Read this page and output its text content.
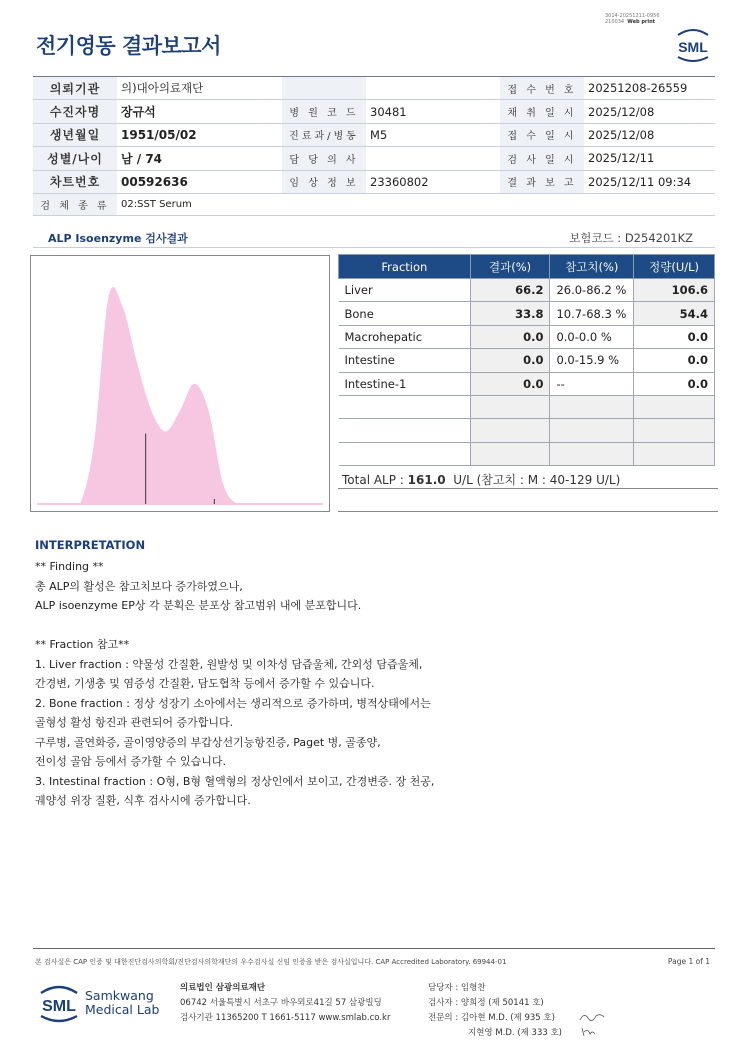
전기영동 결과보고서
3014-20251211-0956
210034 Web print
SML
의뢰기관	의)대아의료재단			접 수 번 호	20251208-26559
수진자명	장규석	병 원 코 드	30481	채 취 일 시	2025/12/08
생년월일	1951/05/02	진료과/병동	M5	접 수 일 시	2025/12/08
성별/나이	남 / 74	담 당 의 사		검 사 일 시	2025/12/11
차트번호	00592636	임 상 정 보	23360802	결 과 보 고	2025/12/11 09:34
검 체 종 류	02:SST Serum				
ALP Isoenzyme 검사결과	보험코드 : D254201KZ
Fraction	결과(%)	참고치(%)	정량(U/L)
Liver	66.2	26.0-86.2 %	106.6
Bone	33.8	10.7-68.3 %	54.4
Macrohepatic	0.0	0.0-0.0 %	0.0
Intestine	0.0	0.0-15.9 %	0.0
Intestine-1	0.0	--	0.0

Total ALP : 161.0 U/L (참고치 : M : 40-129 U/L)
INTERPRETATION
** Finding **
총 ALP의 활성은 참고치보다 증가하였으나,
ALP isoenzyme EP상 각 분획은 분포상 참고범위 내에 분포합니다.
** Fraction 참고**
1. Liver fraction : 약물성 간질환, 원발성 및 이차성 담즙울체, 간외성 담즙울체,
간경변, 기생충 및 염증성 간질환, 담도협착 등에서 증가할 수 있습니다.
2. Bone fraction : 정상 성장기 소아에서는 생리적으로 증가하며, 병적상태에서는
골형성 활성 항진과 관련되어 증가합니다.
구루병, 골연화증, 골이영양증의 부갑상선기능항진증, Paget 병, 골종양,
전이성 골암 등에서 증가할 수 있습니다.
3. Intestinal fraction : O형, B형 혈액형의 정상인에서 보이고, 간경변증. 장 천공,
궤양성 위장 질환, 식후 검사시에 증가합니다.
본 검사실은 CAP 인증 및 대한진단검사의학회/진단검사의학재단의 우수검사실 신임 인증을 받은 검사실입니다. CAP Accredited Laboratory. 69944-01	Page 1 of 1
SML
Samkwang
Medical Lab
의료법인 삼광의료재단
06742 서울특별시 서초구 바우뫼로41길 57 삼광빌딩
검사기관 11365200 T 1661-5117 www.smlab.co.kr
담당자 : 임형찬
검사자 : 양희정 (제 50141 호)
전문의 : 김아현 M.D. (제 935 호)
지현영 M.D. (제 333 호)
